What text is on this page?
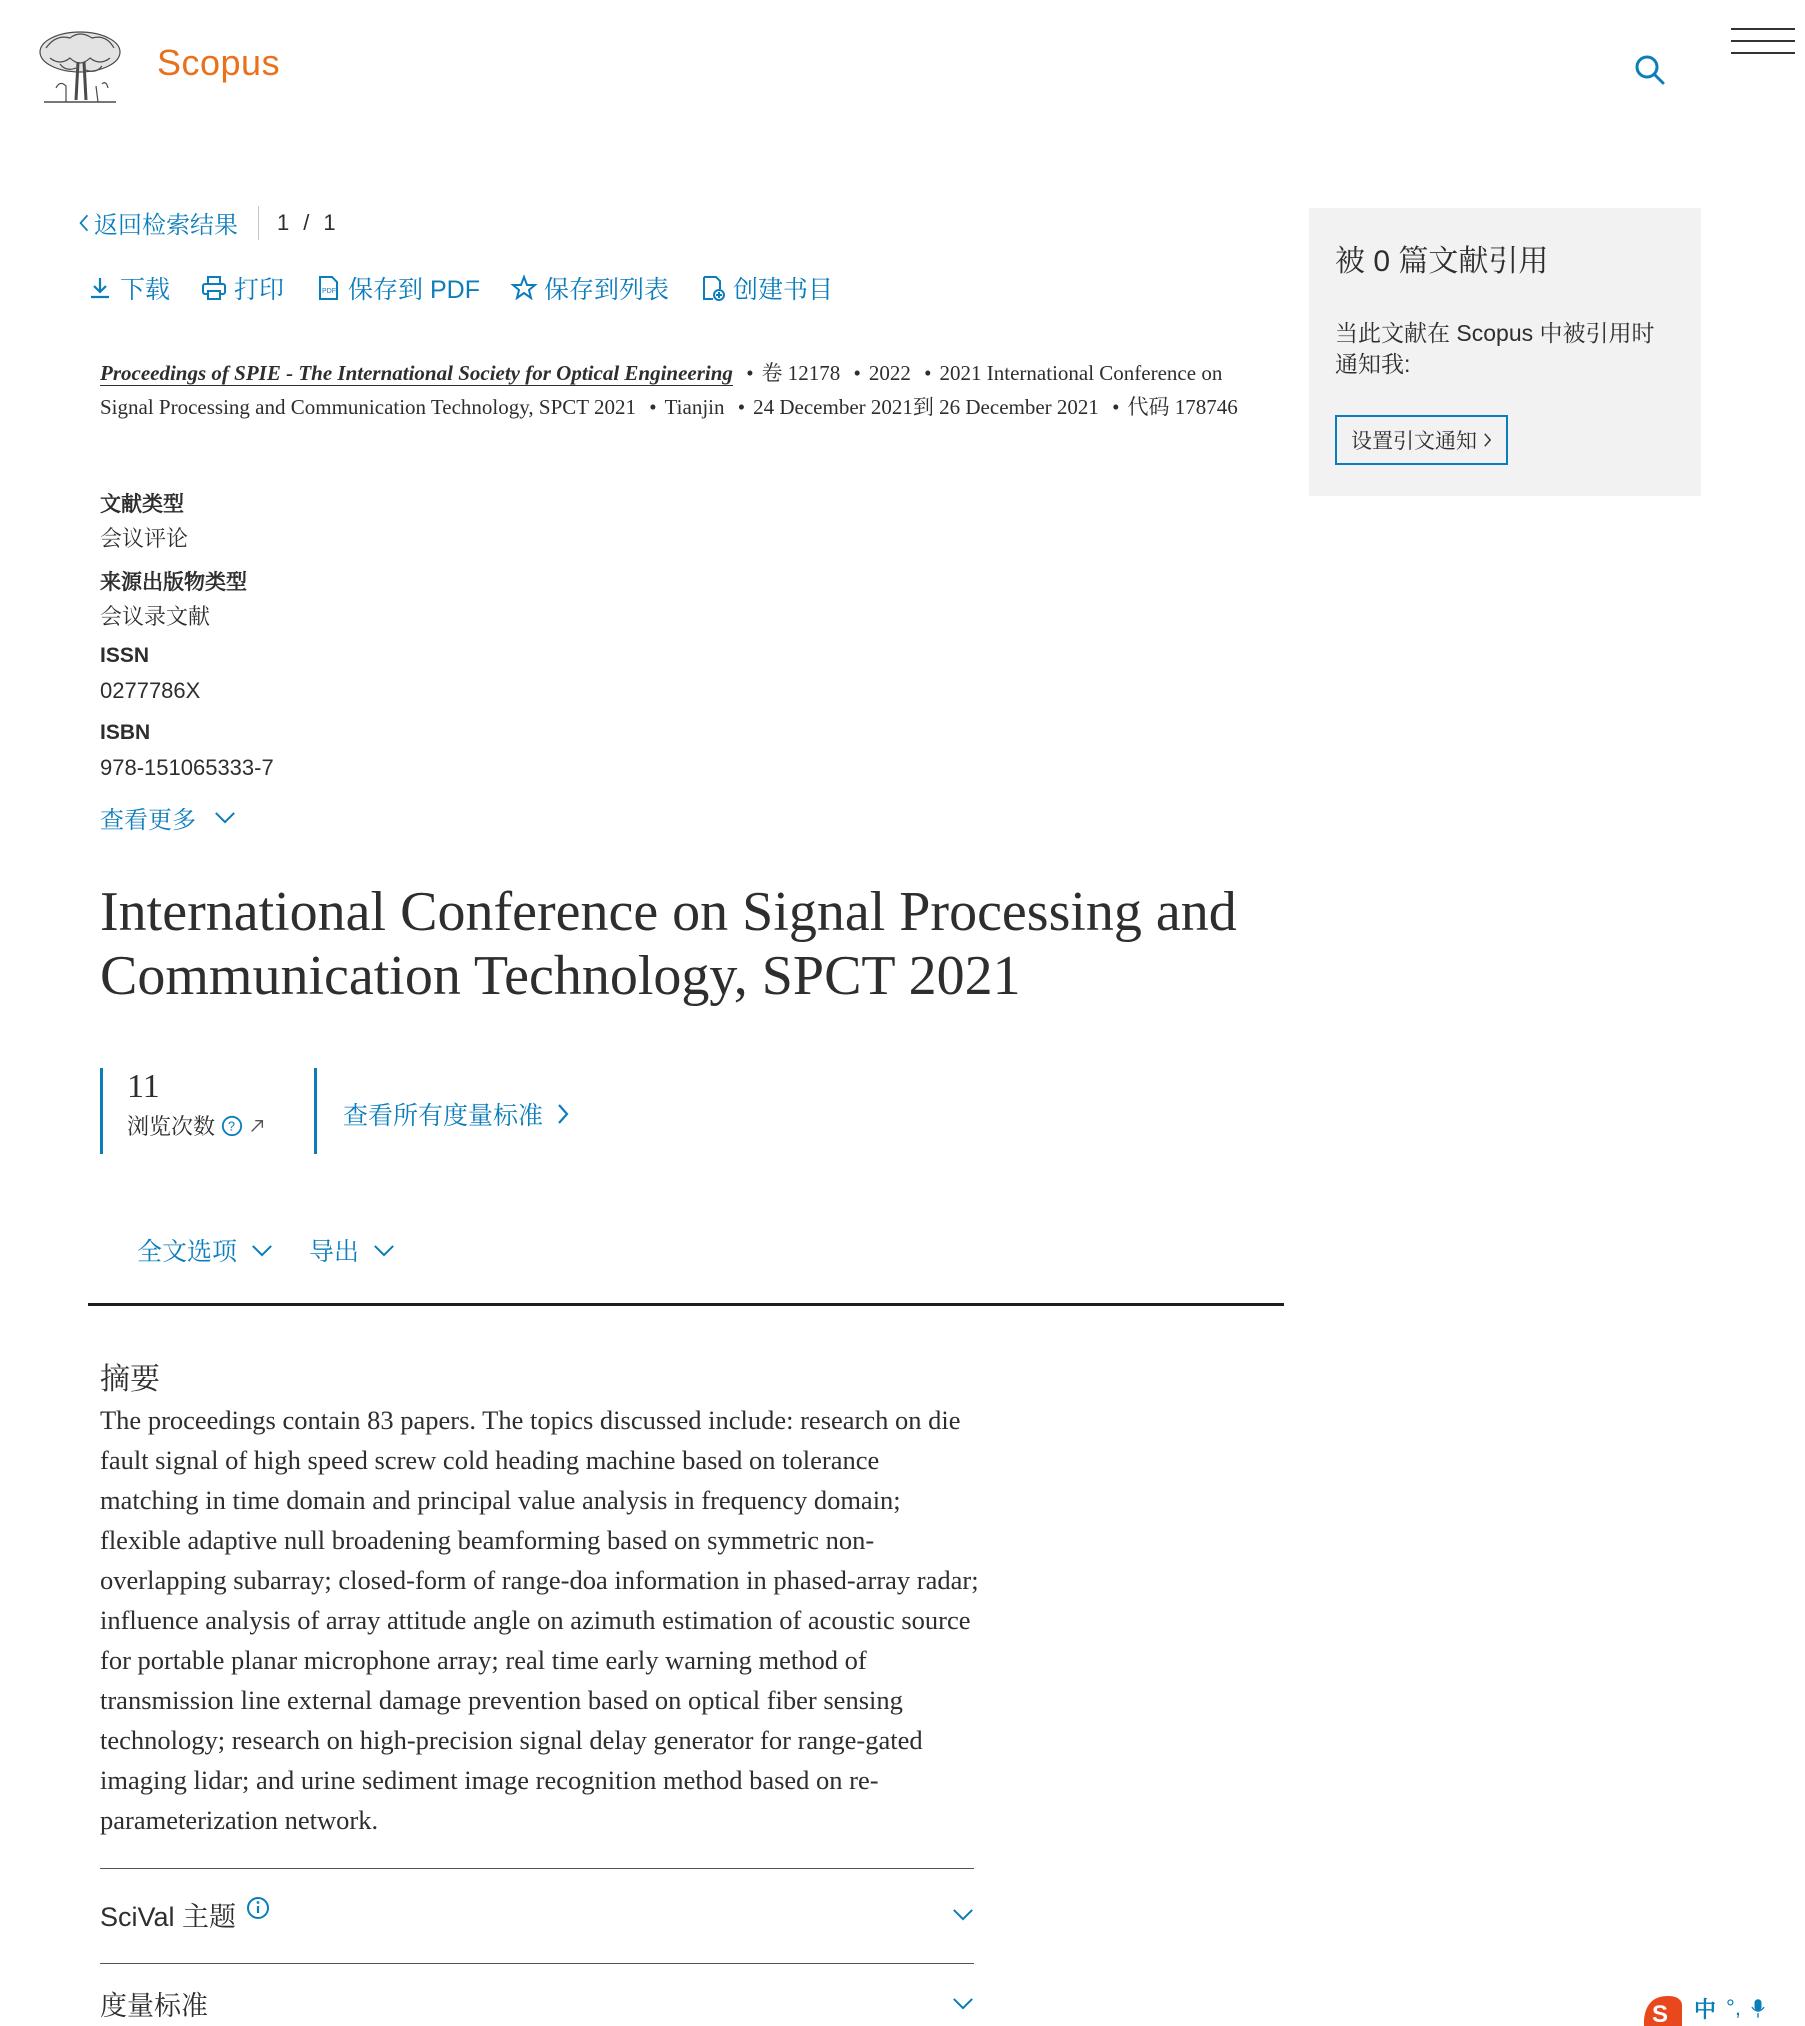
Scopus
返回检索结果 1 / 1
下载	打印	PDF 保存到 PDF	保存到列表	创建书目
Proceedings of SPIE - The International Society for Optical Engineering • 卷 12178 • 2022 • 2021 International Conference on Signal Processing and Communication Technology, SPCT 2021 • Tianjin • 24 December 2021到 26 December 2021 • 代码 178746
文献类型
会议评论
来源出版物类型
会议录文献
ISSN
0277786X
ISBN
978-151065333-7
查看更多
International Conference on Signal Processing and Communication Technology, SPCT 2021
11
浏览次数 ?	查看所有度量标准
全文选项	导出
摘要

The proceedings contain 83 papers. The topics discussed include: research on die fault signal of high speed screw cold heading machine based on tolerance matching in time domain and principal value analysis in frequency domain; flexible adaptive null broadening beamforming based on symmetric non-overlapping subarray; closed-form of range-doa information in phased-array radar; influence analysis of array attitude angle on azimuth estimation of acoustic source for portable planar microphone array; real time early warning method of transmission line external damage prevention based on optical fiber sensing technology; research on high-precision signal delay generator for range-gated imaging lidar; and urine sediment image recognition method based on re-parameterization network.

SciVal 主题
度量标准
被 0 篇文献引用
当此文献在 Scopus 中被引用时通知我:
设置引文通知
S 中 °,
